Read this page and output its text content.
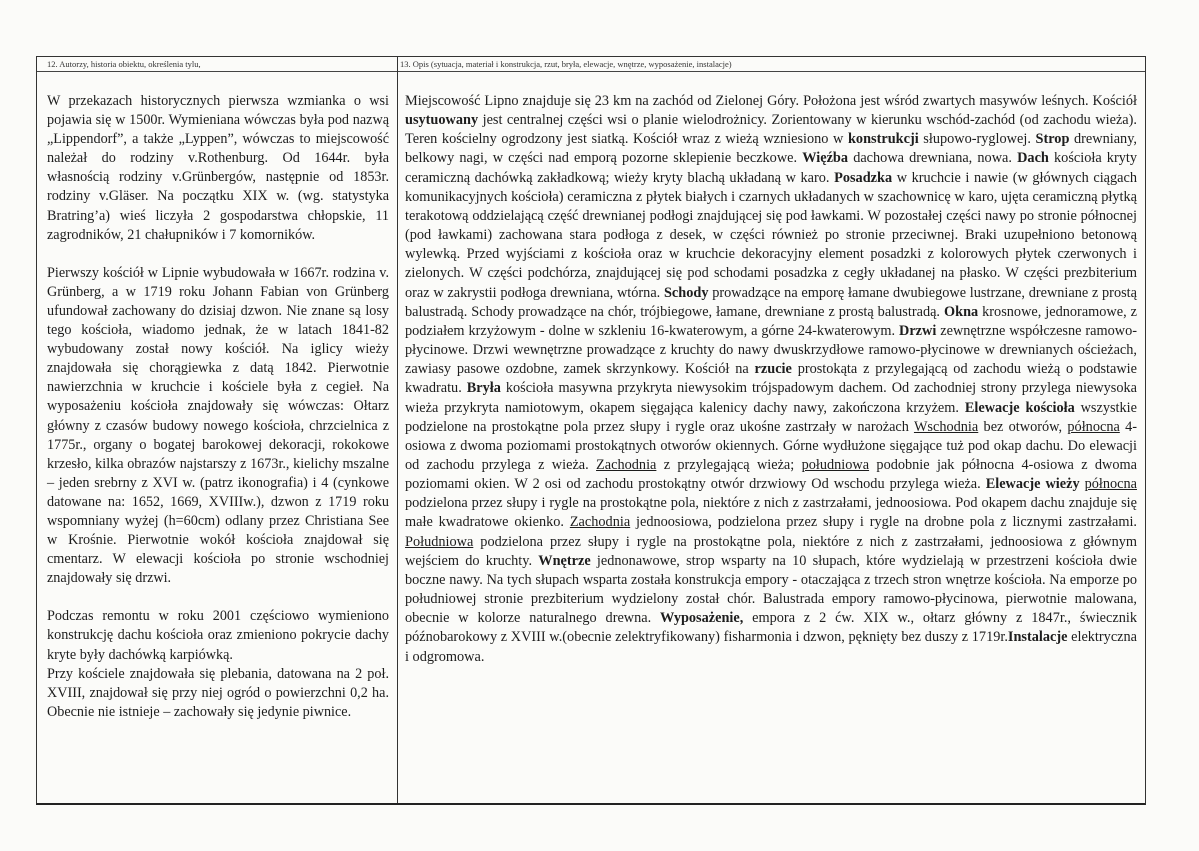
12. Autorzy, historia obiektu, określenia tylu,

W przekazach historycznych pierwsza wzmianka o wsi pojawia się w 1500r. Wymieniana wówczas była pod nazwą „Lippendorf”, a także „Lyppen”, wówczas to miejscowość należał do rodziny v.Rothenburg. Od 1644r. była własnością rodziny v.Grünbergów, następnie od 1853r. rodziny v.Gläser. Na początku XIX w. (wg. statystyka Bratring’a) wieś liczyła 2 gospodarstwa chłopskie, 11 zagrodników, 21 chałupników i 7 komorników.

Pierwszy kościół w Lipnie wybudowała w 1667r. rodzina v. Grünberg, a w 1719 roku Johann Fabian von Grünberg ufundował zachowany do dzisiaj dzwon. Nie znane są losy tego kościoła, wiadomo jednak, że w latach 1841-82 wybudowany został nowy kościół. Na iglicy wieży znajdowała się chorągiewka z datą 1842. Pierwotnie nawierzchnia w kruchcie i kościele była z cegieł. Na wyposażeniu kościoła znajdowały się wówczas: Ołtarz główny z czasów budowy nowego kościoła, chrzcielnica z 1775r., organy o bogatej barokowej dekoracji, rokokowe krzesło, kilka obrazów najstarszy z 1673r., kielichy mszalne – jeden srebrny z XVI w. (patrz ikonografia) i 4 (cynkowe datowane na: 1652, 1669, XVIIIw.), dzwon z 1719 roku wspomniany wyżej (h=60cm) odlany przez Christiana See w Krośnie. Pierwotnie wokół kościoła znajdował się cmentarz. W elewacji kościoła po stronie wschodniej znajdowały się drzwi.

Podczas remontu w roku 2001 częściowo wymieniono konstrukcję dachu kościoła oraz zmieniono pokrycie dachy kryte były dachówką karpiówką.

Przy kościele znajdowała się plebania, datowana na 2 poł. XVIII, znajdował się przy niej ogród o powierzchni 0,2 ha. Obecnie nie istnieje – zachowały się jedynie piwnice.

13. Opis (sytuacja, materiał i konstrukcja, rzut, bryła, elewacje, wnętrze, wyposażenie, instalacje)

Miejscowość Lipno znajduje się 23 km na zachód od Zielonej Góry. Położona jest wśród zwartych masywów leśnych. Kościół usytuowany jest centralnej części wsi o planie wielodrożnicy. Zorientowany w kierunku wschód-zachód (od zachodu wieża). Teren kościelny ogrodzony jest siatką. Kościół wraz z wieżą wzniesiono w konstrukcji słupowo-ryglowej. Strop drewniany, belkowy nagi, w części nad emporą pozorne sklepienie beczkowe. Więźba dachowa drewniana, nowa. Dach kościoła kryty ceramiczną dachówką zakładkową; wieży kryty blachą układaną w karo. Posadzka w kruchcie i nawie (w głównych ciągach komunikacyjnych kościoła) ceramiczna z płytek białych i czarnych układanych w szachownicę w karo, ujęta ceramiczną płytką terakotową oddzielającą część drewnianej podłogi znajdującej się pod ławkami. W pozostałej części nawy po stronie północnej (pod ławkami) zachowana stara podłoga z desek, w części również po stronie przeciwnej. Braki uzupełniono betonową wylewką. Przed wyjściami z kościoła oraz w kruchcie dekoracyjny element posadzki z kolorowych płytek czerwonych i zielonych. W części podchórza, znajdującej się pod schodami posadzka z cegły układanej na płasko. W części prezbiterium oraz w zakrystii podłoga drewniana, wtórna. Schody prowadzące na emporę łamane dwubiegowe lustrzane, drewniane z prostą balustradą. Schody prowadzące na chór, trójbiegowe, łamane, drewniane z prostą balustradą. Okna krosnowe, jednoramowe, z podziałem krzyżowym - dolne w szkleniu 16-kwaterowym, a górne 24-kwaterowym. Drzwi zewnętrzne współczesne ramowo-płycinowe. Drzwi wewnętrzne prowadzące z kruchty do nawy dwuskrzydłowe ramowo-płycinowe w drewnianych ościeżach, zawiasy pasowe ozdobne, zamek skrzynkowy. Kościół na rzucie prostokąta z przylegającą od zachodu wieżą o podstawie kwadratu. Bryła kościoła masywna przykryta niewysokim trójspadowym dachem. Od zachodniej strony przylega niewysoka wieża przykryta namiotowym, okapem sięgająca kalenicy dachy nawy, zakończona krzyżem. Elewacje kościoła wszystkie podzielone na prostokątne pola przez słupy i rygle oraz ukośne zastrzały w narożach Wschodnia bez otworów, północna 4-osiowa z dwoma poziomami prostokątnych otworów okiennych. Górne wydłużone sięgające tuż pod okap dachu. Do elewacji od zachodu przylega z wieża. Zachodnia z przylegającą wieża; południowa podobnie jak północna 4-osiowa z dwoma poziomami okien. W 2 osi od zachodu prostokątny otwór drzwiowy Od wschodu przylega wieża. Elewacje wieży północna podzielona przez słupy i rygle na prostokątne pola, niektóre z nich z zastrzałami, jednoosiowa. Pod okapem dachu znajduje się małe kwadratowe okienko. Zachodnia jednoosiowa, podzielona przez słupy i rygle na drobne pola z licznymi zastrzałami. Południowa podzielona przez słupy i rygle na prostokątne pola, niektóre z nich z zastrzałami, jednoosiowa z głównym wejściem do kruchty. Wnętrze jednonawowe, strop wsparty na 10 słupach, które wydzielają w przestrzeni kościoła dwie boczne nawy. Na tych słupach wsparta została konstrukcja empory - otaczająca z trzech stron wnętrze kościoła. Na emporze po południowej stronie prezbiterium wydzielony został chór. Balustrada empory ramowo-płycinowa, pierwotnie malowana, obecnie w kolorze naturalnego drewna. Wyposażenie, empora z 2 ćw. XIX w., ołtarz główny z 1847r., świecznik późnobarokowy z XVIII w.(obecnie zelektryfikowany) fisharmonia i dzwon, pęknięty bez duszy z 1719r.Instalacje elektryczna i odgromowa.
